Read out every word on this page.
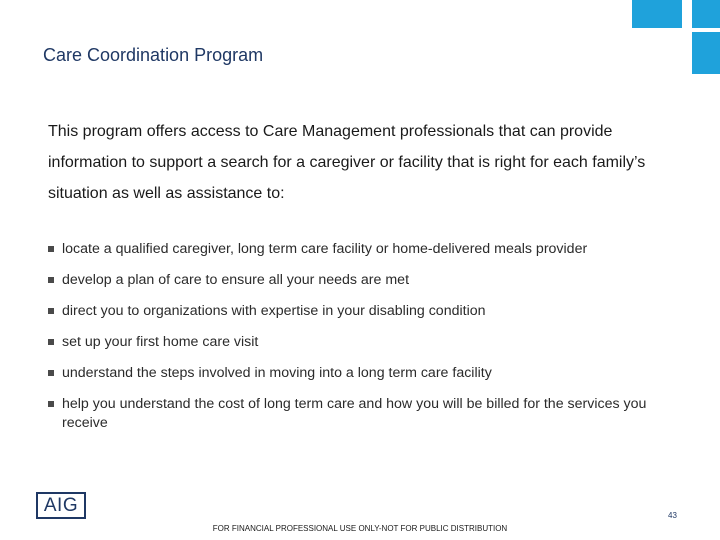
Care Coordination Program
This program offers access to Care Management professionals that can provide information to support a search for a caregiver or facility that is right for each family’s situation as well as assistance to:
locate a qualified caregiver, long term care facility or home-delivered meals provider
develop a plan of care to ensure all your needs are met
direct you to organizations with expertise in your disabling condition
set up your first home care visit
understand the steps involved in moving into a long term care facility
help you understand the cost of long term care and how you will be billed for the services you receive
AIG	43
FOR FINANCIAL PROFESSIONAL USE ONLY-NOT FOR PUBLIC DISTRIBUTION
